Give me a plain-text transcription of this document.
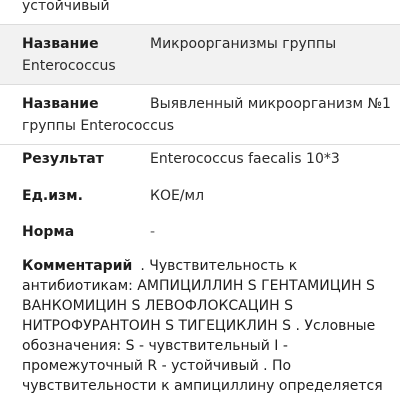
устойчивый
Название	Микроорганизмы группы
Enterococcus
Название	Выявленный микроорганизм №1
группы Enterococcus
Результат	Enterococcus faecalis 10*3
Ед.изм.	КОЕ/мл
Норма	-
Комментарий . Чувствительность к
антибиотикам: АМПИЦИЛЛИН S ГЕНТАМИЦИН S
ВАНКОМИЦИН S ЛЕВОФЛОКСАЦИН S
НИТРОФУРАНТОИН S ТИГЕЦИКЛИН S . Условные
обозначения: S - чувствительный I -
промежуточный R - устойчивый . По
чувствительности к ампициллину определяется
